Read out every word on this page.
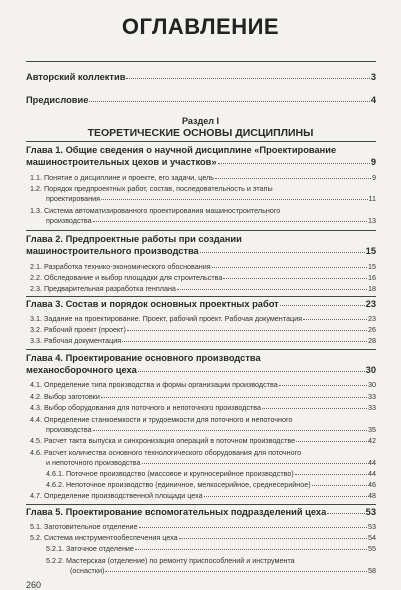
ОГЛАВЛЕНИЕ
Авторский коллектив	3
Предисловие	4
Раздел I
ТЕОРЕТИЧЕСКИЕ ОСНОВЫ ДИСЦИПЛИНЫ
Глава 1. Общие сведения о научной дисциплине «Проектирование
машиностроительных цехов и участков»	9
1.1. Понятие о дисциплине и проекте, его задачи, цель	9
1.2. Порядок предпроектных работ, состав, последовательность и этапы
проектирования	11
1.3. Система автоматизированного проектирования машиностроительного
производства	13
Глава 2. Предпроектные работы при создании
машиностроительного производства	15
2.1. Разработка технико-экономического обоснования	15
2.2. Обследование и выбор площадки для строительства	16
2.3. Предварительная разработка генплана	18
Глава 3. Состав и порядок основных проектных работ	23
3.1. Задание на проектирование. Проект, рабочий проект. Рабочая документация	23
3.2. Рабочий проект (проект)	26
3.3. Рабочая документация	28
Глава 4. Проектирование основного производства
механосборочного цеха	30
4.1. Определение типа производства и формы организации производства	30
4.2. Выбор заготовки	33
4.3. Выбор оборудования для поточного и непоточного производства	33
4.4. Определение станкоемкости и трудоемкости для поточного и непоточного
производства	35
4.5. Расчет такта выпуска и синхронизация операций в поточном производстве	42
4.6. Расчет количества основного технологического оборудования для поточного
и непоточного производства	44
4.6.1. Поточное производство (массовое и крупносерийное производство)	44
4.6.2. Непоточное производство (единичное, мелкосерийное, среднесерийное)	46
4.7. Определение производственной площади цеха	48
Глава 5. Проектирование вспомогательных подразделений цеха	53
5.1. Заготовительное отделение	53
5.2. Система инструментообеспечения цеха	54
5.2.1. Заточное отделение	55
5.2.2. Мастерская (отделение) по ремонту приспособлений и инструмента
(оснастки)	58
260
